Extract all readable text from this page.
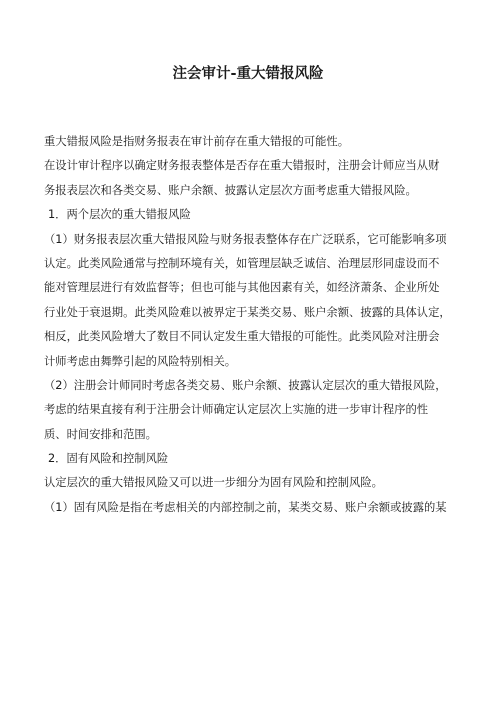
注会审计-重大错报风险
重大错报风险是指财务报表在审计前存在重大错报的可能性。
在设计审计程序以确定财务报表整体是否存在重大错报时，注册会计师应当从财
务报表层次和各类交易、账户余额、披露认定层次方面考虑重大错报风险。
1．两个层次的重大错报风险
（1）财务报表层次重大错报风险与财务报表整体存在广泛联系，它可能影响多项
认定。此类风险通常与控制环境有关，如管理层缺乏诚信、治理层形同虚设而不
能对管理层进行有效监督等；但也可能与其他因素有关，如经济萧条、企业所处
行业处于衰退期。此类风险难以被界定于某类交易、账户余额、披露的具体认定，
相反，此类风险增大了数目不同认定发生重大错报的可能性。此类风险对注册会
计师考虑由舞弊引起的风险特别相关。
（2）注册会计师同时考虑各类交易、账户余额、披露认定层次的重大错报风险，
考虑的结果直接有利于注册会计师确定认定层次上实施的进一步审计程序的性
质、时间安排和范围。
2．固有风险和控制风险
认定层次的重大错报风险又可以进一步细分为固有风险和控制风险。
（1）固有风险是指在考虑相关的内部控制之前，某类交易、账户余额或披露的某
